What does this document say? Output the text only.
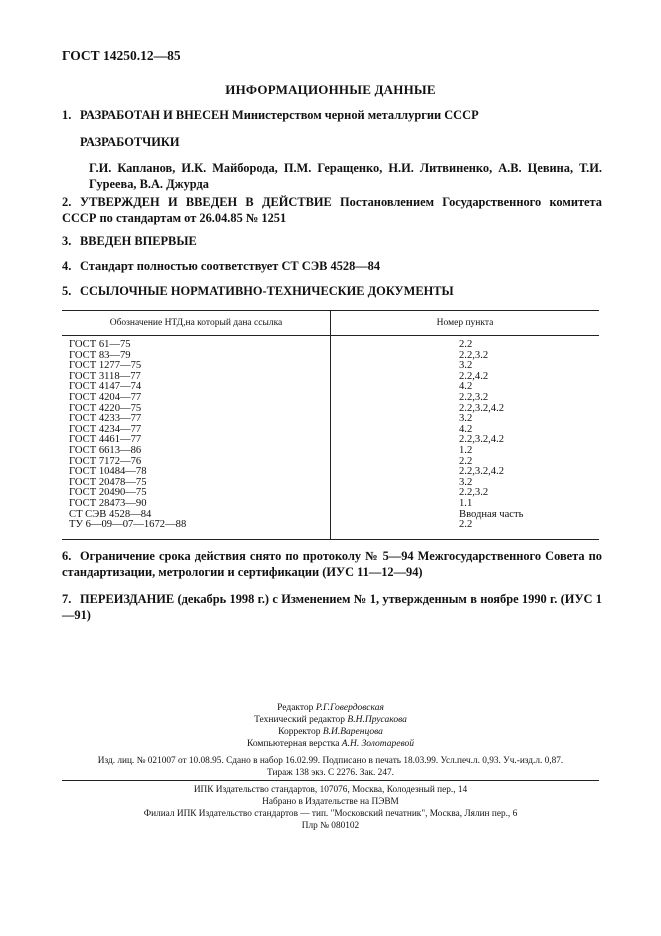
ГОСТ 14250.12—85
ИНФОРМАЦИОННЫЕ ДАННЫЕ
1. РАЗРАБОТАН И ВНЕСЕН Министерством черной металлургии СССР
РАЗРАБОТЧИКИ
Г.И. Капланов, И.К. Майборода, П.М. Геращенко, Н.И. Литвиненко, А.В. Цевина, Т.И. Гуреева, В.А. Джурда
2. УТВЕРЖДЕН И ВВЕДЕН В ДЕЙСТВИЕ Постановлением Государственного комитета СССР по стандартам от 26.04.85 № 1251
3. ВВЕДЕН ВПЕРВЫЕ
4. Стандарт полностью соответствует СТ СЭВ 4528—84
5. ССЫЛОЧНЫЕ НОРМАТИВНО-ТЕХНИЧЕСКИЕ ДОКУМЕНТЫ
Обозначение НТД,на который дана ссылка	Номер пункта
ГОСТ 61—75
ГОСТ 83—79
ГОСТ 1277—75
ГОСТ 3118—77
ГОСТ 4147—74
ГОСТ 4204—77
ГОСТ 4220—75
ГОСТ 4233—77
ГОСТ 4234—77
ГОСТ 4461—77
ГОСТ 6613—86
ГОСТ 7172—76
ГОСТ 10484—78
ГОСТ 20478—75
ГОСТ 20490—75
ГОСТ 28473—90
СТ СЭВ 4528—84
ТУ 6—09—07—1672—88
2.2
2.2,3.2
3.2
2.2,4.2
4.2
2.2,3.2
2.2,3.2,4.2
3.2
4.2
2.2,3.2,4.2
1.2
2.2
2.2,3.2,4.2
3.2
2.2,3.2
1.1
Вводная часть
2.2
6. Ограничение срока действия снято по протоколу № 5—94 Межгосударственного Совета по стандартизации, метрологии и сертификации (ИУС 11—12—94)
7. ПЕРЕИЗДАНИЕ (декабрь 1998 г.) с Изменением № 1, утвержденным в ноябре 1990 г. (ИУС 1—91)
Редактор Р.Г.Говердовская
Технический редактор В.Н.Прусакова
Корректор В.И.Варенцова
Компьютерная верстка А.Н. Золотаревой
Изд. лиц. № 021007 от 10.08.95. Сдано в набор 16.02.99. Подписано в печать 18.03.99. Усл.печ.л. 0,93. Уч.-изд.л. 0,87.
Тираж 138 экз. С 2276. Зак. 247.
ИПК Издательство стандартов, 107076, Москва, Колодезный пер., 14
Набрано в Издательстве на ПЭВМ
Филиал ИПК Издательство стандартов — тип. "Московский печатник", Москва, Лялин пер., 6
Плр № 080102
